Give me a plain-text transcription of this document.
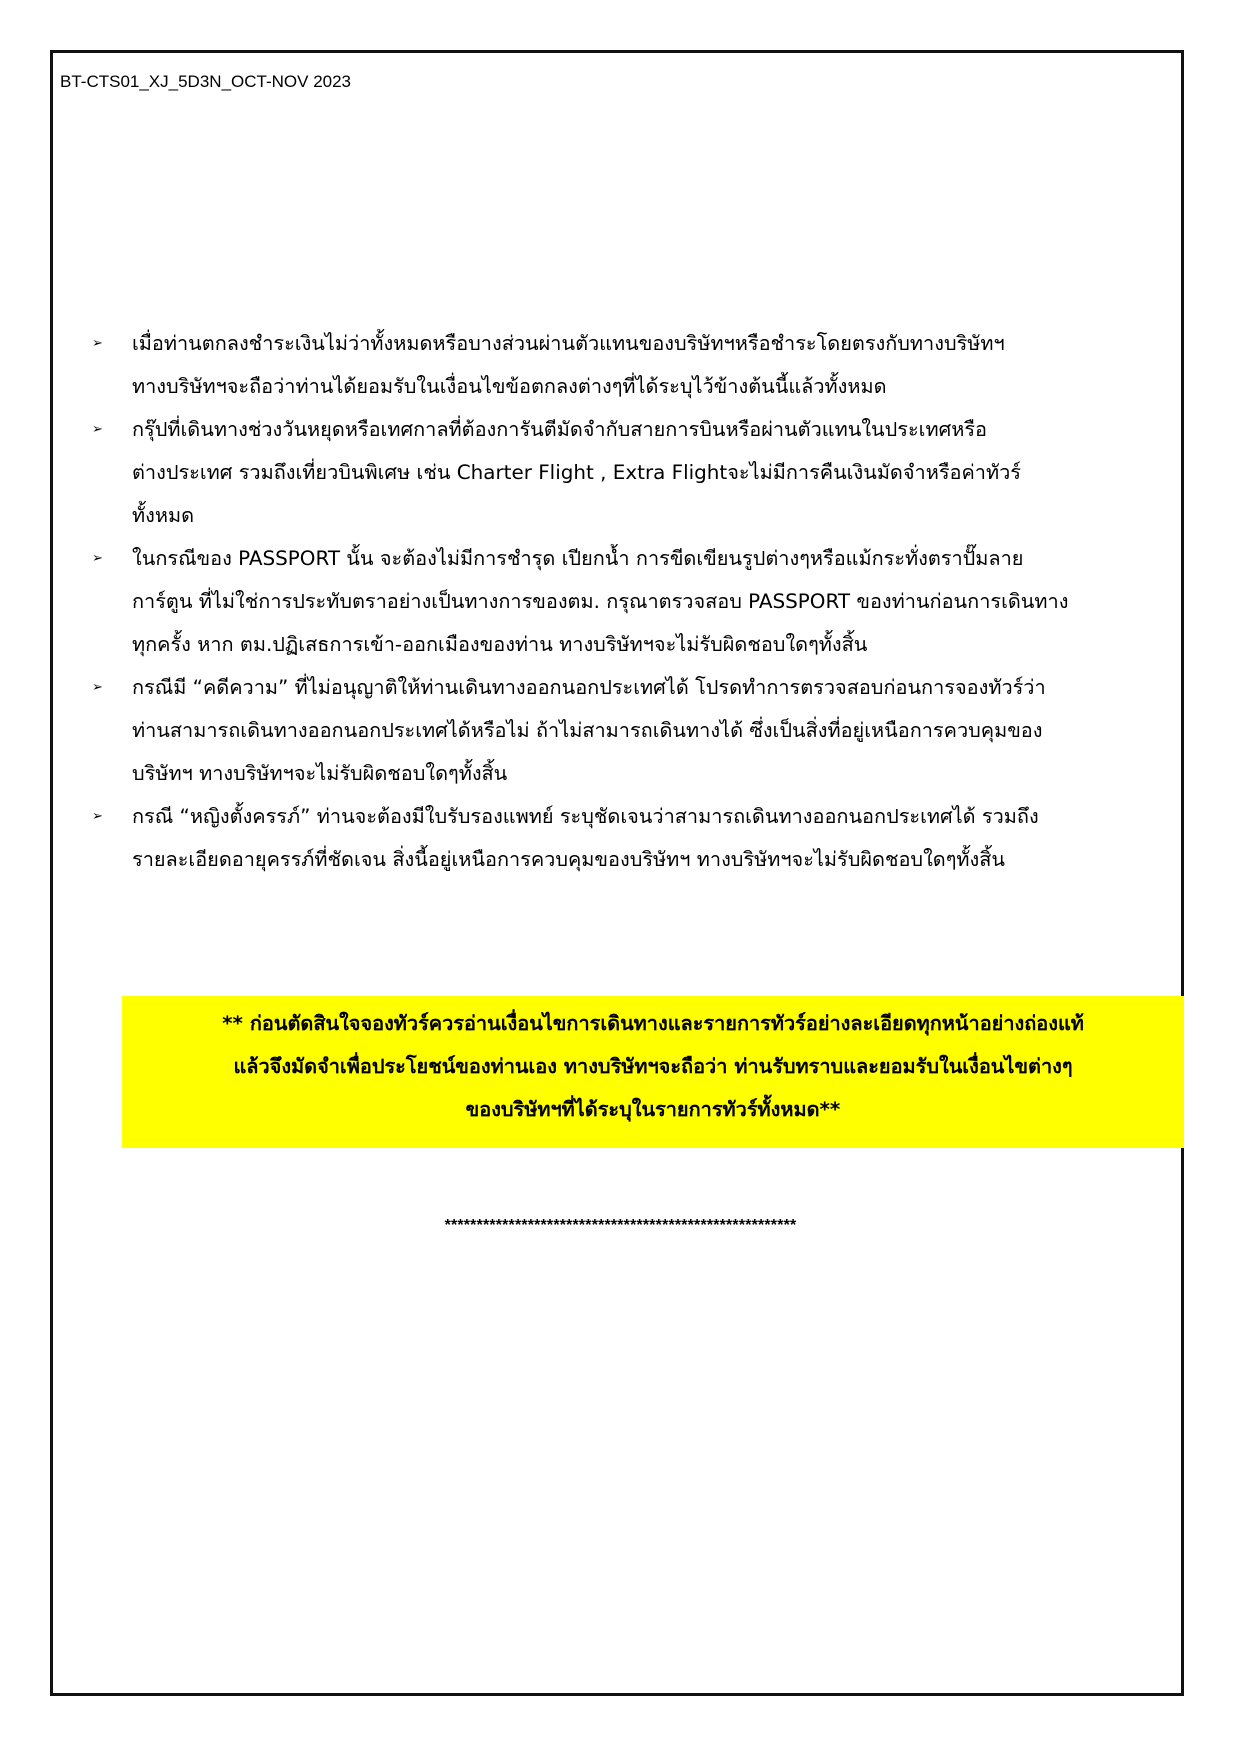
BT-CTS01_XJ_5D3N_OCT-NOV 2023
➢	เมื่อท่านตกลงชำระเงินไม่ว่าทั้งหมดหรือบางส่วนผ่านตัวแทนของบริษัทฯหรือชำระโดยตรงกับทางบริษัทฯ
ทางบริษัทฯจะถือว่าท่านได้ยอมรับในเงื่อนไขข้อตกลงต่างๆที่ได้ระบุไว้ข้างต้นนี้แล้วทั้งหมด
➢	กรุ๊ปที่เดินทางช่วงวันหยุดหรือเทศกาลที่ต้องการันตีมัดจำกับสายการบินหรือผ่านตัวแทนในประเทศหรือ
ต่างประเทศ รวมถึงเที่ยวบินพิเศษ เช่น Charter Flight , Extra Flightจะไม่มีการคืนเงินมัดจำหรือค่าทัวร์
ทั้งหมด
➢	ในกรณีของ PASSPORT นั้น จะต้องไม่มีการชำรุด เปียกน้ำ การขีดเขียนรูปต่างๆหรือแม้กระทั่งตราปั๊มลาย
การ์ตูน ที่ไม่ใช่การประทับตราอย่างเป็นทางการของตม. กรุณาตรวจสอบ PASSPORT ของท่านก่อนการเดินทาง
ทุกครั้ง หาก ตม.ปฏิเสธการเข้า-ออกเมืองของท่าน ทางบริษัทฯจะไม่รับผิดชอบใดๆทั้งสิ้น
➢	กรณีมี “คดีความ” ที่ไม่อนุญาติให้ท่านเดินทางออกนอกประเทศได้ โปรดทำการตรวจสอบก่อนการจองทัวร์ว่า
ท่านสามารถเดินทางออกนอกประเทศได้หรือไม่ ถ้าไม่สามารถเดินทางได้ ซึ่งเป็นสิ่งที่อยู่เหนือการควบคุมของ
บริษัทฯ ทางบริษัทฯจะไม่รับผิดชอบใดๆทั้งสิ้น
➢	กรณี “หญิงตั้งครรภ์” ท่านจะต้องมีใบรับรองแพทย์ ระบุชัดเจนว่าสามารถเดินทางออกนอกประเทศได้ รวมถึง
รายละเอียดอายุครรภ์ที่ชัดเจน สิ่งนี้อยู่เหนือการควบคุมของบริษัทฯ ทางบริษัทฯจะไม่รับผิดชอบใดๆทั้งสิ้น
** ก่อนตัดสินใจจองทัวร์ควรอ่านเงื่อนไขการเดินทางและรายการทัวร์อย่างละเอียดทุกหน้าอย่างถ่องแท้
แล้วจึงมัดจำเพื่อประโยชน์ของท่านเอง ทางบริษัทฯจะถือว่า ท่านรับทราบและยอมรับในเงื่อนไขต่างๆ
ของบริษัทฯที่ได้ระบุในรายการทัวร์ทั้งหมด**
*******************************************************
